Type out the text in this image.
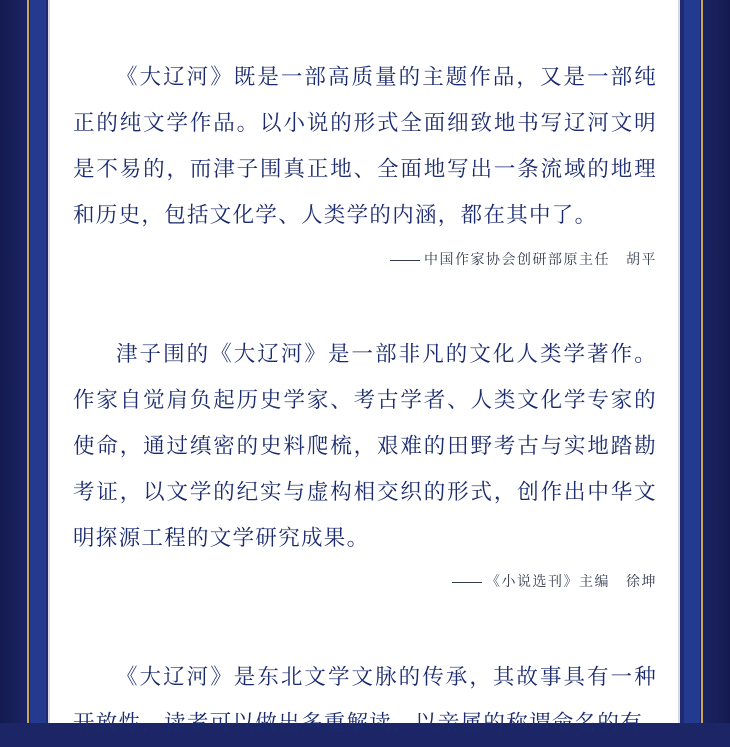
《大辽河》既是一部高质量的主题作品，又是一部纯正的纯文学作品。以小说的形式全面细致地书写辽河文明是不易的，而津子围真正地、全面地写出一条流域的地理和历史，包括文化学、人类学的内涵，都在其中了。

中国作家协会创研部原主任 胡平

津子围的《大辽河》是一部非凡的文化人类学著作。作家自觉肩负起历史学家、考古学者、人类文化学专家的使命，通过缜密的史料爬梳，艰难的田野考古与实地踏勘考证，以文学的纪实与虚构相交织的形式，创作出中华文明探源工程的文学研究成果。

《小说选刊》主编 徐坤

《大辽河》是东北文学文脉的传承，其故事具有一种开放性，读者可以做出多重解读，以亲属的称谓命名的有
